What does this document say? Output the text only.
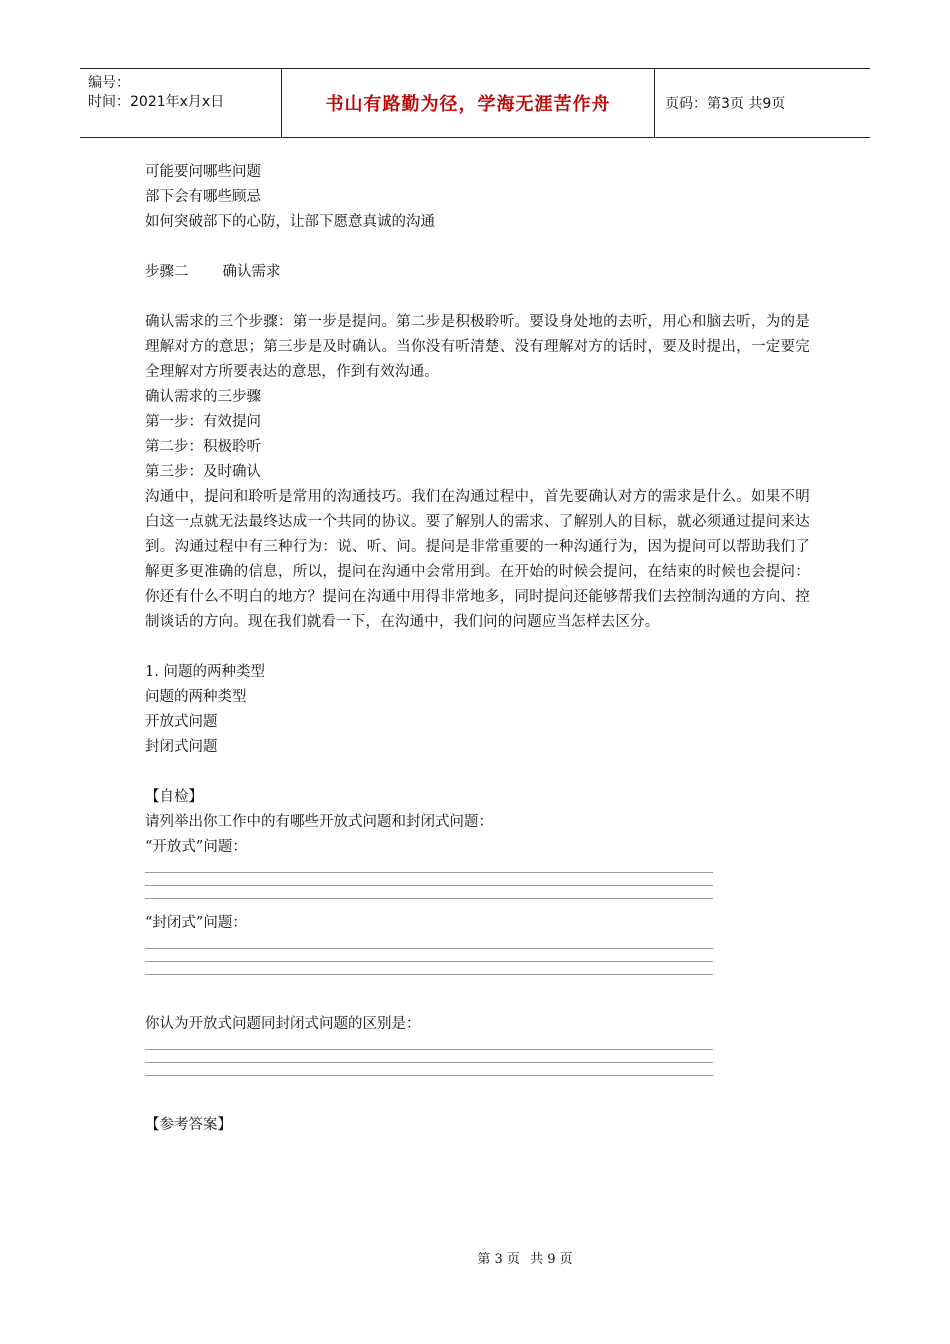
编号：
时间：2021年x月x日	书山有路勤为径，学海无涯苦作舟	页码：第3页 共9页

可能要问哪些问题

部下会有哪些顾忌

如何突破部下的心防，让部下愿意真诚的沟通

步骤二 确认需求

确认需求的三个步骤：第一步是提问。第二步是积极聆听。要设身处地的去听，用心和脑去听，为的是理解对方的意思；第三步是及时确认。当你没有听清楚、没有理解对方的话时，要及时提出，一定要完全理解对方所要表达的意思，作到有效沟通。

确认需求的三步骤

第一步：有效提问

第二步：积极聆听

第三步：及时确认

沟通中，提问和聆听是常用的沟通技巧。我们在沟通过程中，首先要确认对方的需求是什么。如果不明白这一点就无法最终达成一个共同的协议。要了解别人的需求、了解别人的目标，就必须通过提问来达到。沟通过程中有三种行为：说、听、问。提问是非常重要的一种沟通行为，因为提问可以帮助我们了解更多更准确的信息，所以，提问在沟通中会常用到。在开始的时候会提问，在结束的时候也会提问：你还有什么不明白的地方？提问在沟通中用得非常地多，同时提问还能够帮我们去控制沟通的方向、控制谈话的方向。现在我们就看一下，在沟通中，我们问的问题应当怎样去区分。

1. 问题的两种类型

问题的两种类型

开放式问题

封闭式问题

【自检】

请列举出你工作中的有哪些开放式问题和封闭式问题：

“开放式”问题：

“封闭式”问题：

你认为开放式问题同封闭式问题的区别是：

【参考答案】

第 3 页 共 9 页
